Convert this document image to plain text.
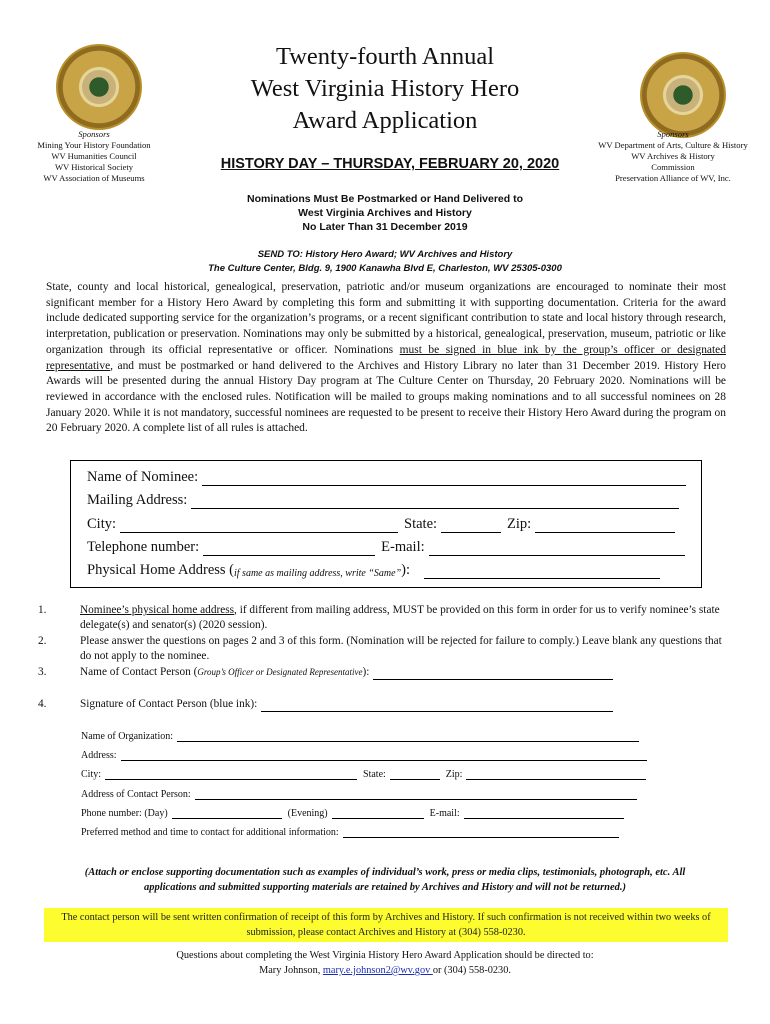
Sponsors
Mining Your History Foundation
WV Humanities Council
WV Historical Society
WV Association of Museums
Sponsors
WV Department of Arts, Culture & History
WV Archives & History
Commission
Preservation Alliance of WV, Inc.
Twenty-fourth Annual
West Virginia History Hero
Award Application
HISTORY DAY – THURSDAY, FEBRUARY 20, 2020
Nominations Must Be Postmarked or Hand Delivered to
West Virginia Archives and History
No Later Than 31 December 2019
SEND TO: History Hero Award; WV Archives and History
The Culture Center, Bldg. 9, 1900 Kanawha Blvd E, Charleston, WV 25305-0300
State, county and local historical, genealogical, preservation, patriotic and/or museum organizations are encouraged to nominate their most significant member for a History Hero Award by completing this form and submitting it with supporting documentation. Criteria for the award include dedicated supporting service for the organization’s programs, or a recent significant contribution to state and local history through research, interpretation, publication or preservation. Nominations may only be submitted by a historical, genealogical, preservation, museum, patriotic or like organization through its official representative or officer. Nominations must be signed in blue ink by the group’s officer or designated representative, and must be postmarked or hand delivered to the Archives and History Library no later than 31 December 2019. History Hero Awards will be presented during the annual History Day program at The Culture Center on Thursday, 20 February 2020. Nominations will be reviewed in accordance with the enclosed rules. Notification will be mailed to groups making nominations and to all successful nominees on 28 January 2020. While it is not mandatory, successful nominees are requested to be present to receive their History Hero Award during the program on 20 February 2020. A complete list of all rules is attached.
Name of Nominee:
Mailing Address:
City:	State:	Zip:
Telephone number:	E-mail:
Physical Home Address ( if same as mailing address, write “Same” ):
1.	Nominee’s physical home address, if different from mailing address, MUST be provided on this form in order for us to verify nominee’s state delegate(s) and senator(s) (2020 session).
2.	Please answer the questions on pages 2 and 3 of this form. (Nomination will be rejected for failure to comply.) Leave blank any questions that do not apply to the nominee.
3.	Name of Contact Person ( Group’s Officer or Designated Representative ):
4.	Signature of Contact Person (blue ink):
Name of Organization:
Address:
City:	State:	Zip:
Address of Contact Person:
Phone number: (Day)	(Evening)	E-mail:
Preferred method and time to contact for additional information:
(Attach or enclose supporting documentation such as examples of individual’s work, press or media clips, testimonials, photograph, etc. All applications and submitted supporting materials are retained by Archives and History and will not be returned.)
The contact person will be sent written confirmation of receipt of this form by Archives and History. If such confirmation is not received within two weeks of submission, please contact Archives and History at (304) 558-0230.
Questions about completing the West Virginia History Hero Award Application should be directed to:
Mary Johnson, mary.e.johnson2@wv.gov or (304) 558-0230.
